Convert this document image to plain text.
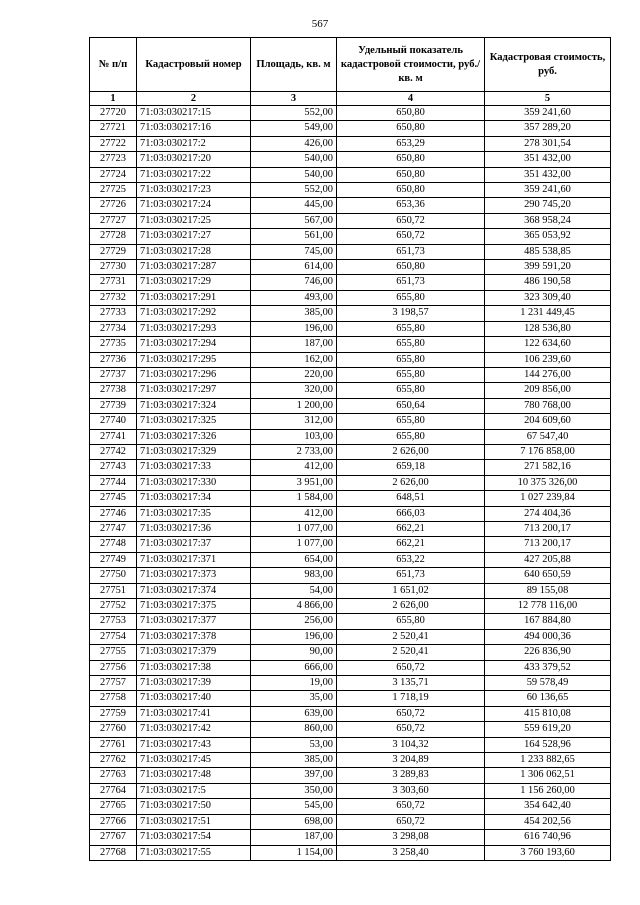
567
№ п/п	Кадастровый номер	Площадь, кв. м	Удельный показатель кадастровой стоимости, руб./кв. м	Кадастровая стоимость, руб.
1	2	3	4	5
27720	71:03:030217:15	552,00	650,80	359 241,60
27721	71:03:030217:16	549,00	650,80	357 289,20
27722	71:03:030217:2	426,00	653,29	278 301,54
27723	71:03:030217:20	540,00	650,80	351 432,00
27724	71:03:030217:22	540,00	650,80	351 432,00
27725	71:03:030217:23	552,00	650,80	359 241,60
27726	71:03:030217:24	445,00	653,36	290 745,20
27727	71:03:030217:25	567,00	650,72	368 958,24
27728	71:03:030217:27	561,00	650,72	365 053,92
27729	71:03:030217:28	745,00	651,73	485 538,85
27730	71:03:030217:287	614,00	650,80	399 591,20
27731	71:03:030217:29	746,00	651,73	486 190,58
27732	71:03:030217:291	493,00	655,80	323 309,40
27733	71:03:030217:292	385,00	3 198,57	1 231 449,45
27734	71:03:030217:293	196,00	655,80	128 536,80
27735	71:03:030217:294	187,00	655,80	122 634,60
27736	71:03:030217:295	162,00	655,80	106 239,60
27737	71:03:030217:296	220,00	655,80	144 276,00
27738	71:03:030217:297	320,00	655,80	209 856,00
27739	71:03:030217:324	1 200,00	650,64	780 768,00
27740	71:03:030217:325	312,00	655,80	204 609,60
27741	71:03:030217:326	103,00	655,80	67 547,40
27742	71:03:030217:329	2 733,00	2 626,00	7 176 858,00
27743	71:03:030217:33	412,00	659,18	271 582,16
27744	71:03:030217:330	3 951,00	2 626,00	10 375 326,00
27745	71:03:030217:34	1 584,00	648,51	1 027 239,84
27746	71:03:030217:35	412,00	666,03	274 404,36
27747	71:03:030217:36	1 077,00	662,21	713 200,17
27748	71:03:030217:37	1 077,00	662,21	713 200,17
27749	71:03:030217:371	654,00	653,22	427 205,88
27750	71:03:030217:373	983,00	651,73	640 650,59
27751	71:03:030217:374	54,00	1 651,02	89 155,08
27752	71:03:030217:375	4 866,00	2 626,00	12 778 116,00
27753	71:03:030217:377	256,00	655,80	167 884,80
27754	71:03:030217:378	196,00	2 520,41	494 000,36
27755	71:03:030217:379	90,00	2 520,41	226 836,90
27756	71:03:030217:38	666,00	650,72	433 379,52
27757	71:03:030217:39	19,00	3 135,71	59 578,49
27758	71:03:030217:40	35,00	1 718,19	60 136,65
27759	71:03:030217:41	639,00	650,72	415 810,08
27760	71:03:030217:42	860,00	650,72	559 619,20
27761	71:03:030217:43	53,00	3 104,32	164 528,96
27762	71:03:030217:45	385,00	3 204,89	1 233 882,65
27763	71:03:030217:48	397,00	3 289,83	1 306 062,51
27764	71:03:030217:5	350,00	3 303,60	1 156 260,00
27765	71:03:030217:50	545,00	650,72	354 642,40
27766	71:03:030217:51	698,00	650,72	454 202,56
27767	71:03:030217:54	187,00	3 298,08	616 740,96
27768	71:03:030217:55	1 154,00	3 258,40	3 760 193,60
